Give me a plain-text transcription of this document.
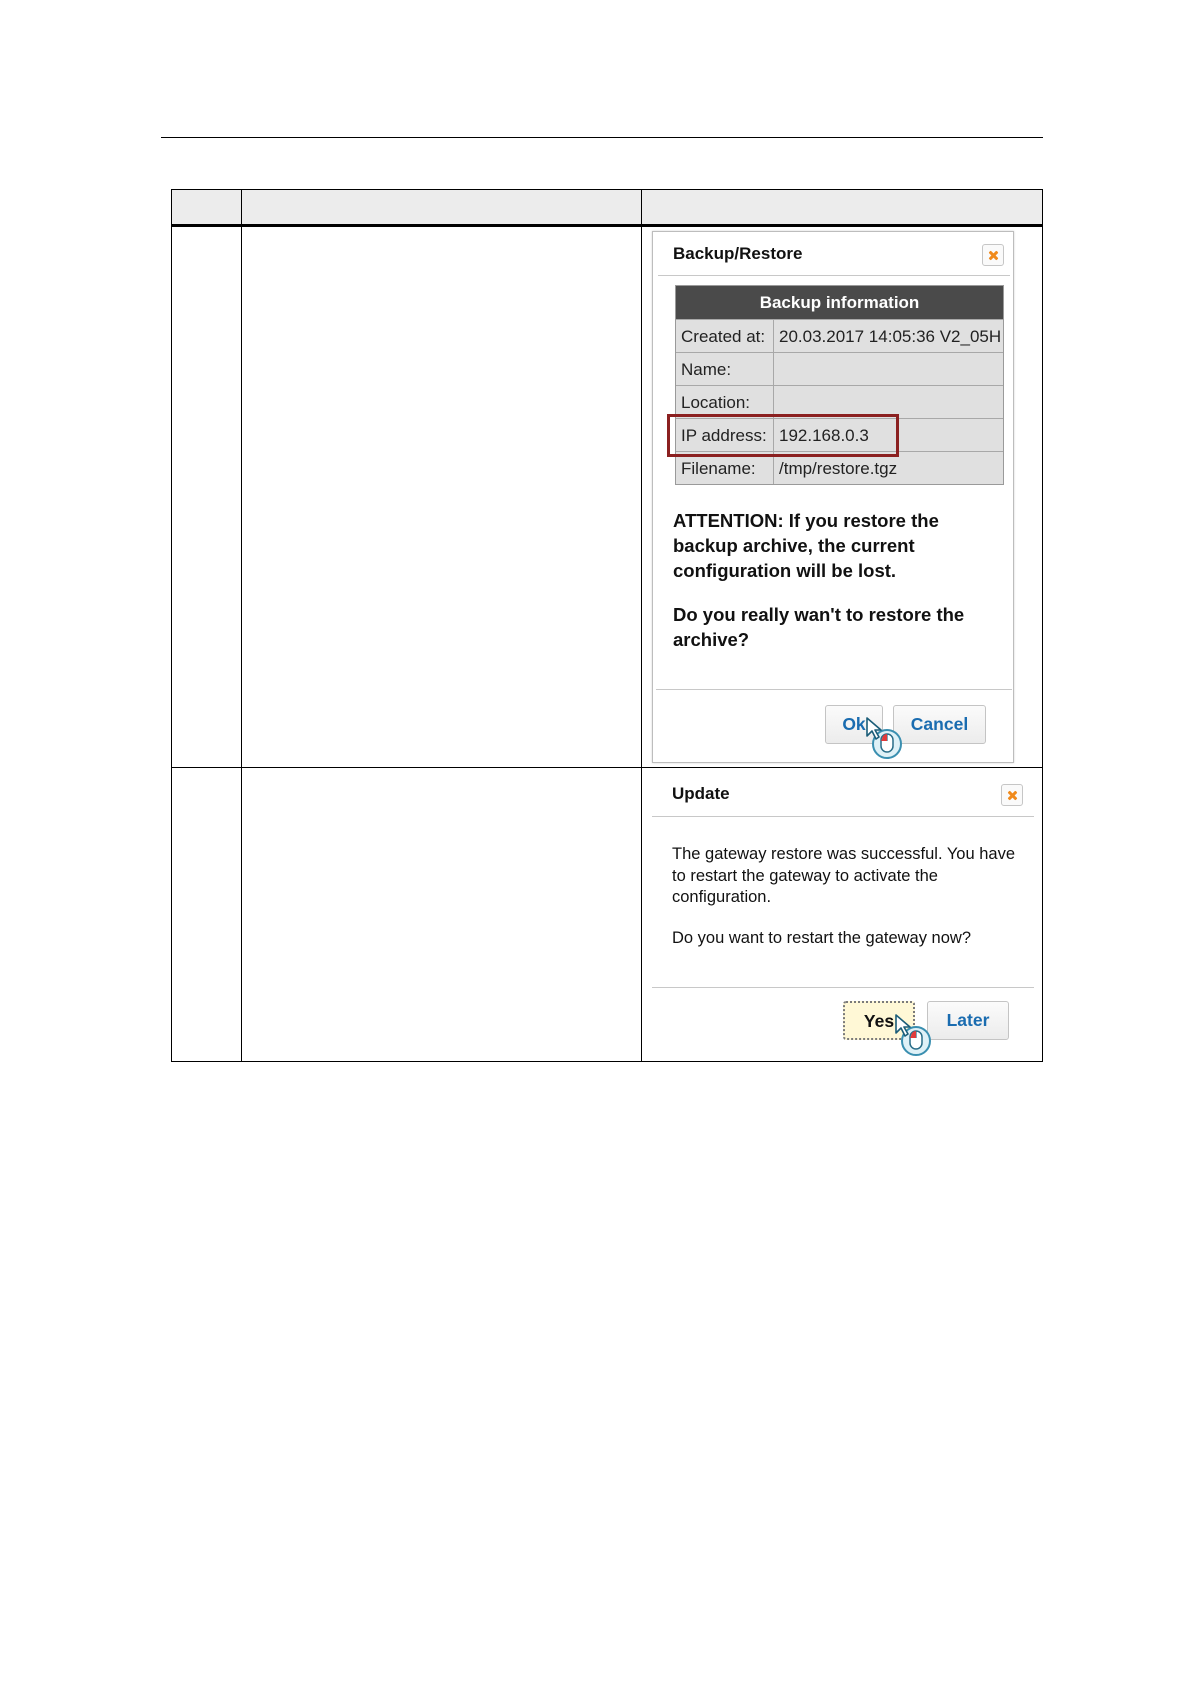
Backup/Restore
Backup information
Created at: 20.03.2017 14:05:36 V2_05H
Name:
Location:
IP address: 192.168.0.3
Filename: /tmp/restore.tgz
ATTENTION: If you restore the backup archive, the current configuration will be lost.
Do you really wan't to restore the archive?
Ok	Cancel
Update
The gateway restore was successful. You have to restart the gateway to activate the configuration.
Do you want to restart the gateway now?
Yes	Later
